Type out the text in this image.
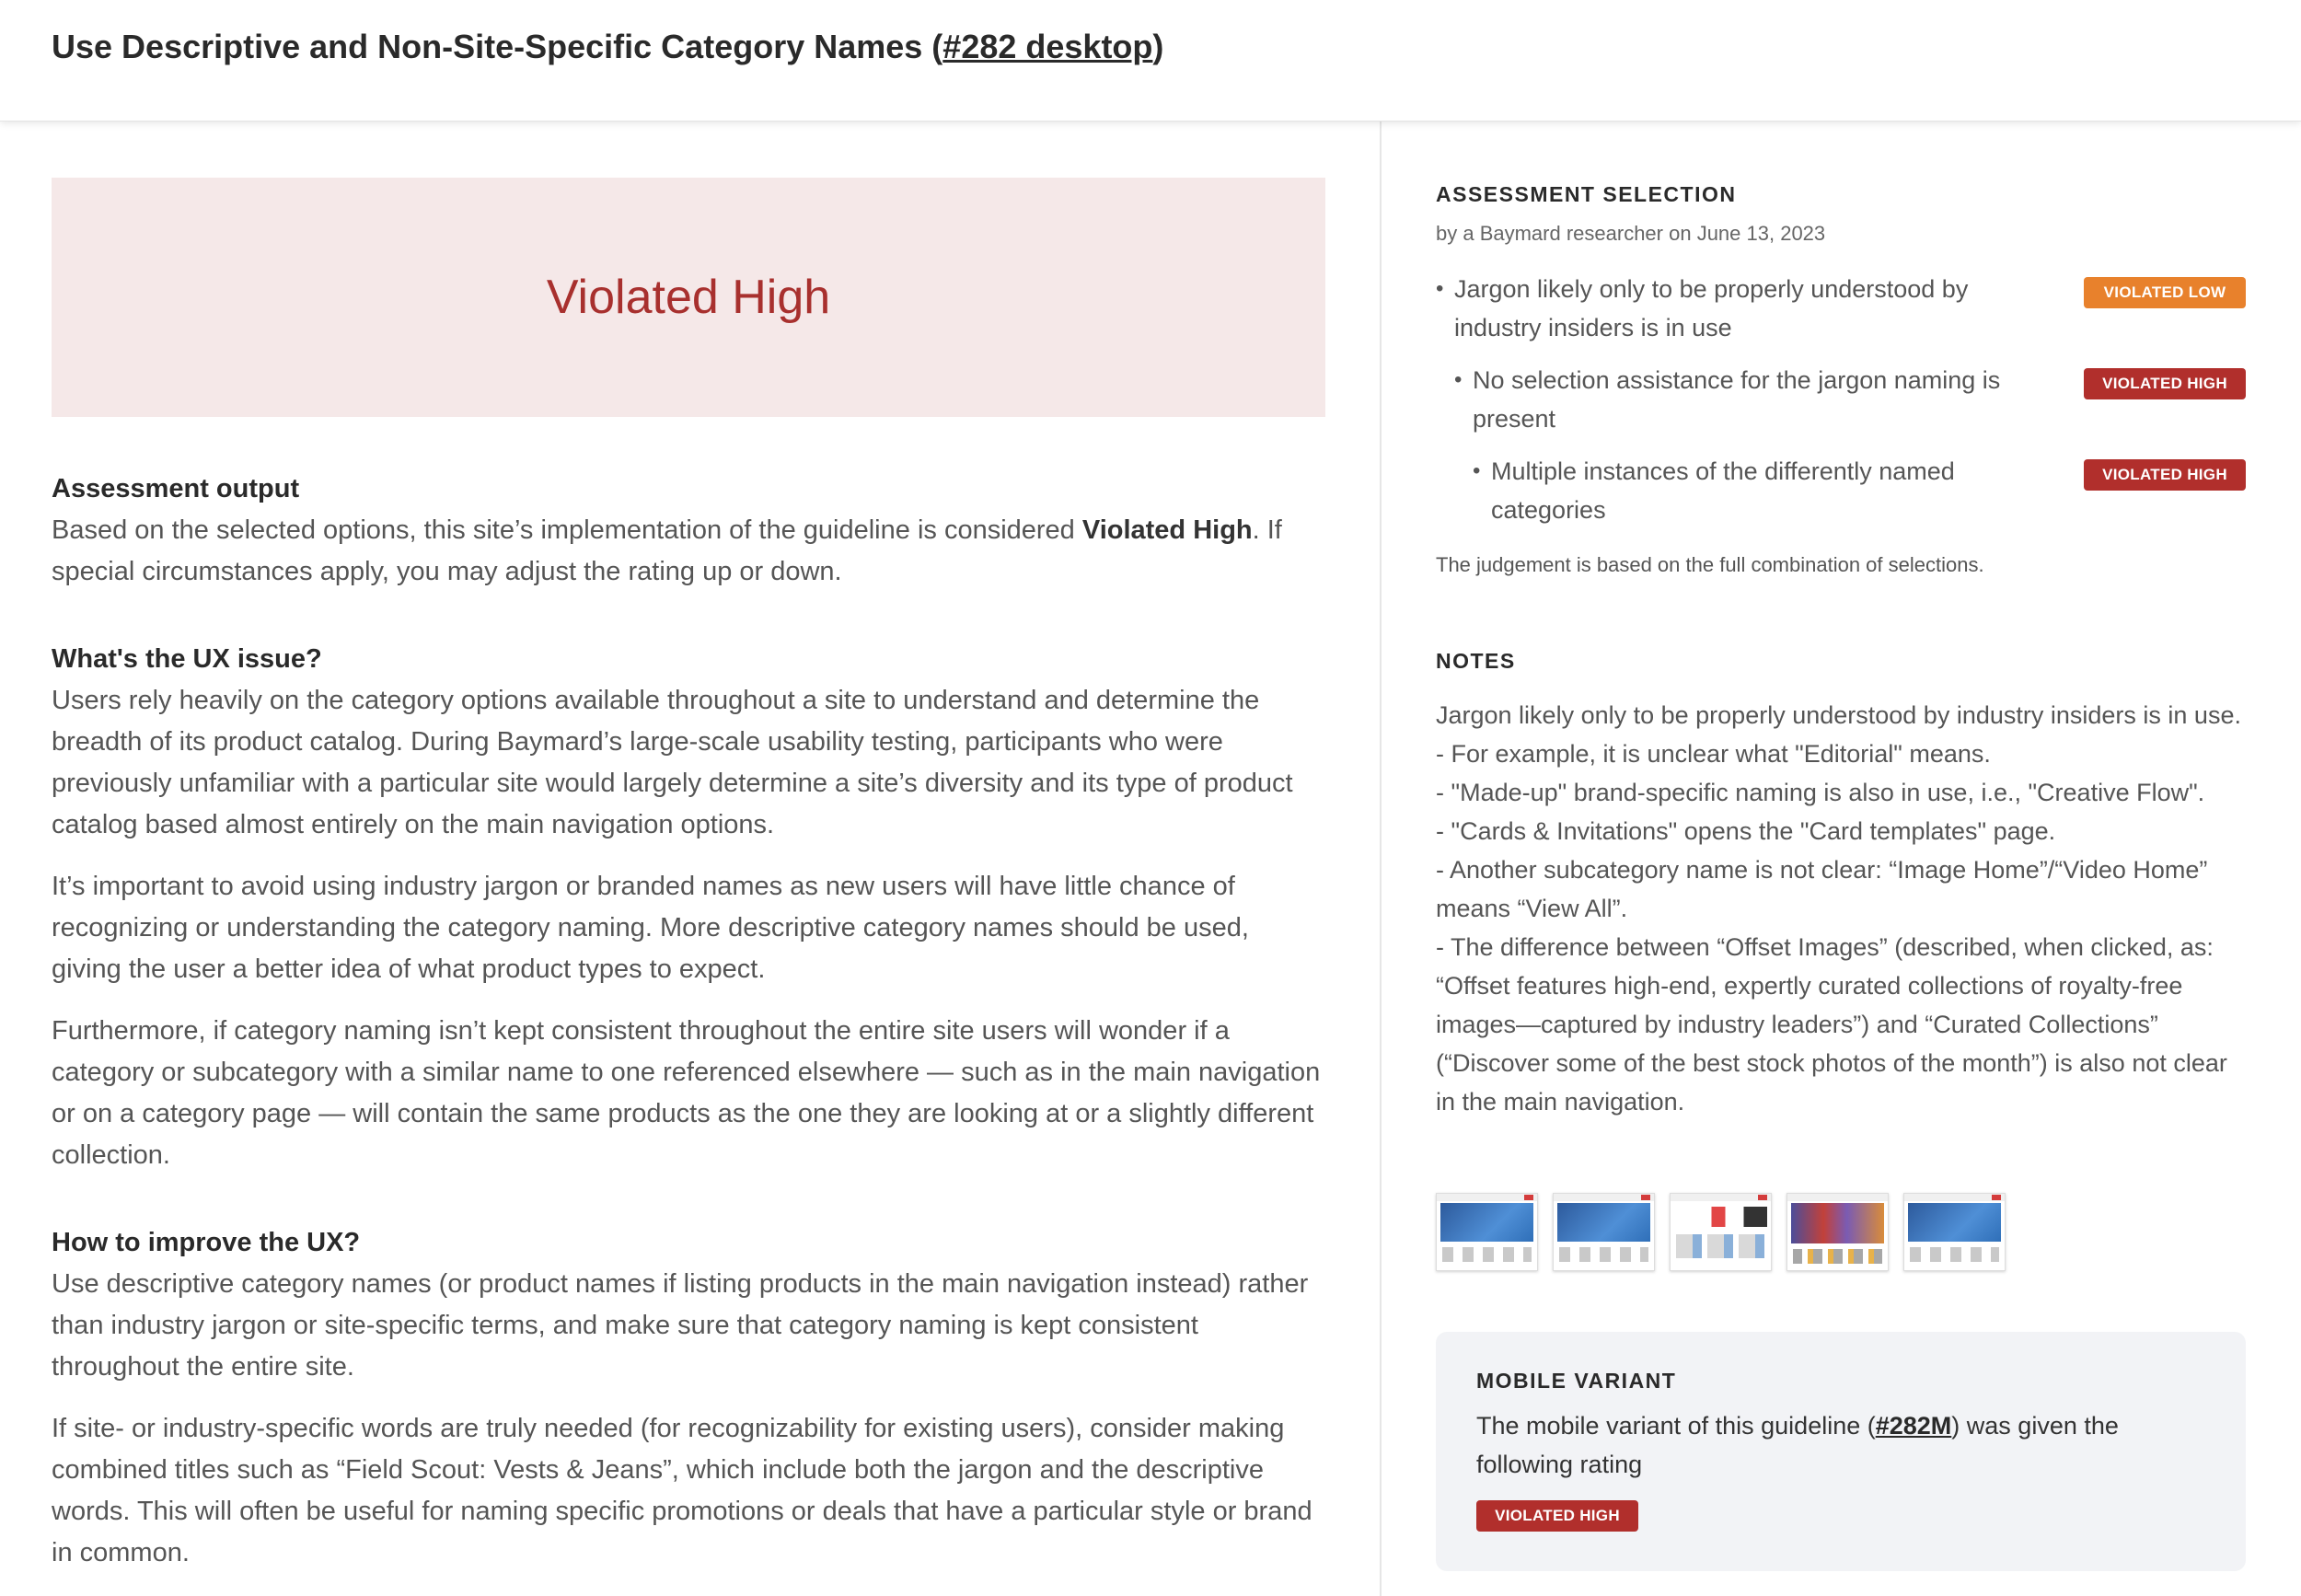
Use Descriptive and Non-Site-Specific Category Names (#282 desktop)
Violated High
Assessment output

Based on the selected options, this site’s implementation of the guideline is considered Violated High. If special circumstances apply, you may adjust the rating up or down.

What's the UX issue?

Users rely heavily on the category options available throughout a site to understand and determine the breadth of its product catalog. During Baymard’s large-scale usability testing, participants who were previously unfamiliar with a particular site would largely determine a site’s diversity and its type of product catalog based almost entirely on the main navigation options.

It’s important to avoid using industry jargon or branded names as new users will have little chance of recognizing or understanding the category naming. More descriptive category names should be used, giving the user a better idea of what product types to expect.

Furthermore, if category naming isn’t kept consistent throughout the entire site users will wonder if a category or subcategory with a similar name to one referenced elsewhere — such as in the main navigation or on a category page — will contain the same products as the one they are looking at or a slightly different collection.

How to improve the UX?

Use descriptive category names (or product names if listing products in the main navigation instead) rather than industry jargon or site-specific terms, and make sure that category naming is kept consistent throughout the entire site.

If site- or industry-specific words are truly needed (for recognizability for existing users), consider making combined titles such as “Field Scout: Vests & Jeans”, which include both the jargon and the descriptive words. This will often be useful for naming specific promotions or deals that have a particular style or brand in common.

ASSESSMENT SELECTION
by a Baymard researcher on June 13, 2023
• Jargon likely only to be properly understood by industry insiders is in use
VIOLATED LOW
• No selection assistance for the jargon naming is present
VIOLATED HIGH
• Multiple instances of the differently named categories
VIOLATED HIGH
The judgement is based on the full combination of selections.
NOTES
Jargon likely only to be properly understood by industry insiders is in use.
- For example, it is unclear what "Editorial" means.
- "Made-up" brand-specific naming is also in use, i.e., "Creative Flow".
- "Cards & Invitations" opens the "Card templates" page.
- Another subcategory name is not clear: “Image Home”/“Video Home” means “View All”.
- The difference between “Offset Images” (described, when clicked, as: “Offset features high-end, expertly curated collections of royalty-free images—captured by industry leaders”) and “Curated Collections” (“Discover some of the best stock photos of the month”) is also not clear in the main navigation.
MOBILE VARIANT
The mobile variant of this guideline (#282M) was given the following rating
VIOLATED HIGH
